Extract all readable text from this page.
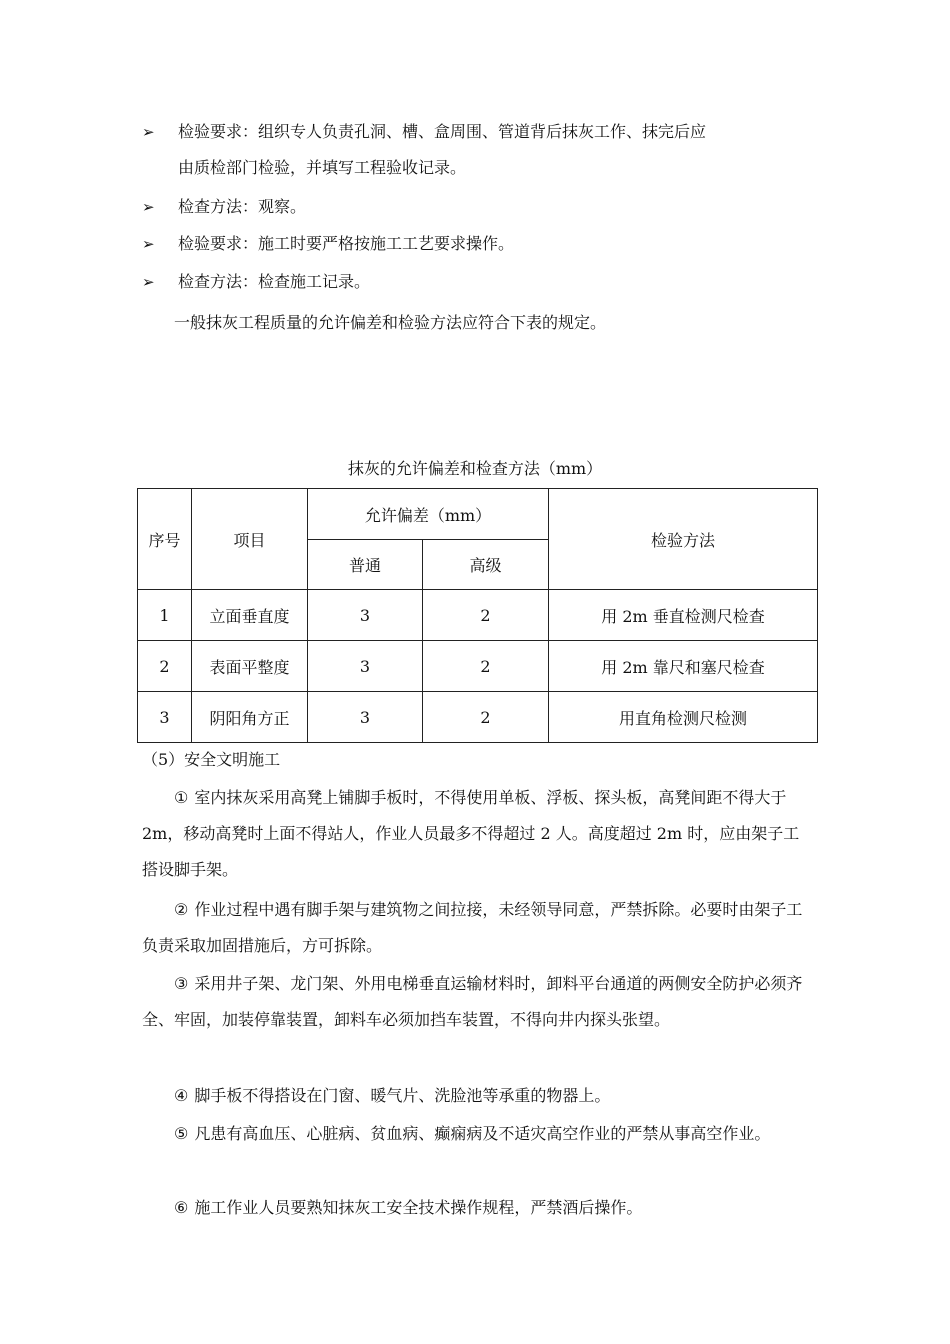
➢	检验要求：组织专人负责孔洞、槽、盒周围、管道背后抹灰工作、抹完后应
由质检部门检验，并填写工程验收记录。
➢	检查方法：观察。
➢	检验要求：施工时要严格按施工工艺要求操作。
➢	检查方法：检查施工记录。
一般抹灰工程质量的允许偏差和检验方法应符合下表的规定。
抹灰的允许偏差和检查方法（mm）
序号	项目	允许偏差（mm）		检验方法
		普通	高级	
1	立面垂直度	3	2	用 2m 垂直检测尺检查
2	表面平整度	3	2	用 2m 靠尺和塞尺检查
3	阴阳角方正	3	2	用直角检测尺检测
（5）安全文明施工
① 室内抹灰采用高凳上铺脚手板时，不得使用单板、浮板、探头板，高凳间距不得大于 2m，移动高凳时上面不得站人，作业人员最多不得超过 2 人。高度超过 2m 时，应由架子工搭设脚手架。
② 作业过程中遇有脚手架与建筑物之间拉接，未经领导同意，严禁拆除。必要时由架子工负责采取加固措施后，方可拆除。
③ 采用井子架、龙门架、外用电梯垂直运输材料时，卸料平台通道的两侧安全防护必须齐全、牢固，加装停靠装置，卸料车必须加挡车装置，不得向井内探头张望。
④ 脚手板不得搭设在门窗、暖气片、洗脸池等承重的物器上。
⑤ 凡患有高血压、心脏病、贫血病、癫痫病及不适灾高空作业的严禁从事高空作业。
⑥ 施工作业人员要熟知抹灰工安全技术操作规程，严禁酒后操作。
